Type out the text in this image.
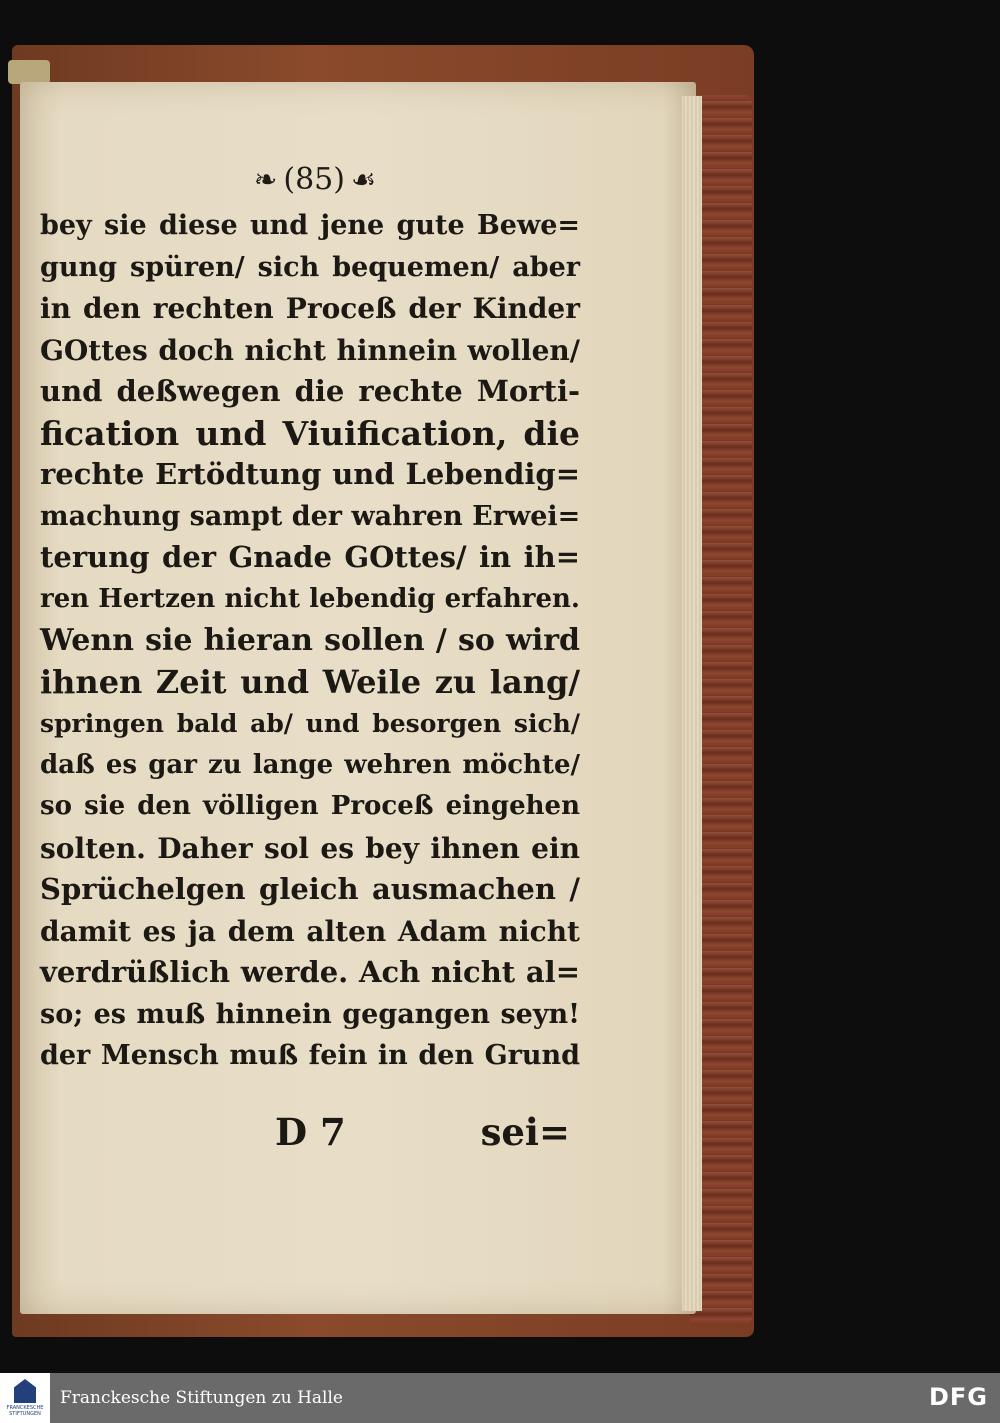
❧ (85) ☙
bey sie diese und jene gute Bewe=
gung spüren/ sich bequemen/ aber
in den rechten Proceß der Kinder
GOttes doch nicht hinnein wollen/
und deßwegen die rechte Morti-
fication und Viuification, die
rechte Ertödtung und Lebendig=
machung sampt der wahren Erwei=
terung der Gnade GOttes/ in ih=
ren Hertzen nicht lebendig erfahren.
Wenn sie hieran sollen / so wird
ihnen Zeit und Weile zu lang/
springen bald ab/ und besorgen sich/
daß es gar zu lange wehren möchte/
so sie den völligen Proceß eingehen
solten. Daher sol es bey ihnen ein
Sprüchelgen gleich ausmachen /
damit es ja dem alten Adam nicht
verdrüßlich werde. Ach nicht al=
so; es muß hinnein gegangen seyn!
der Mensch muß fein in den Grund
D 7	sei=
FRANCKESCHE
STIFTUNGEN
Franckesche Stiftungen zu Halle	DFG
